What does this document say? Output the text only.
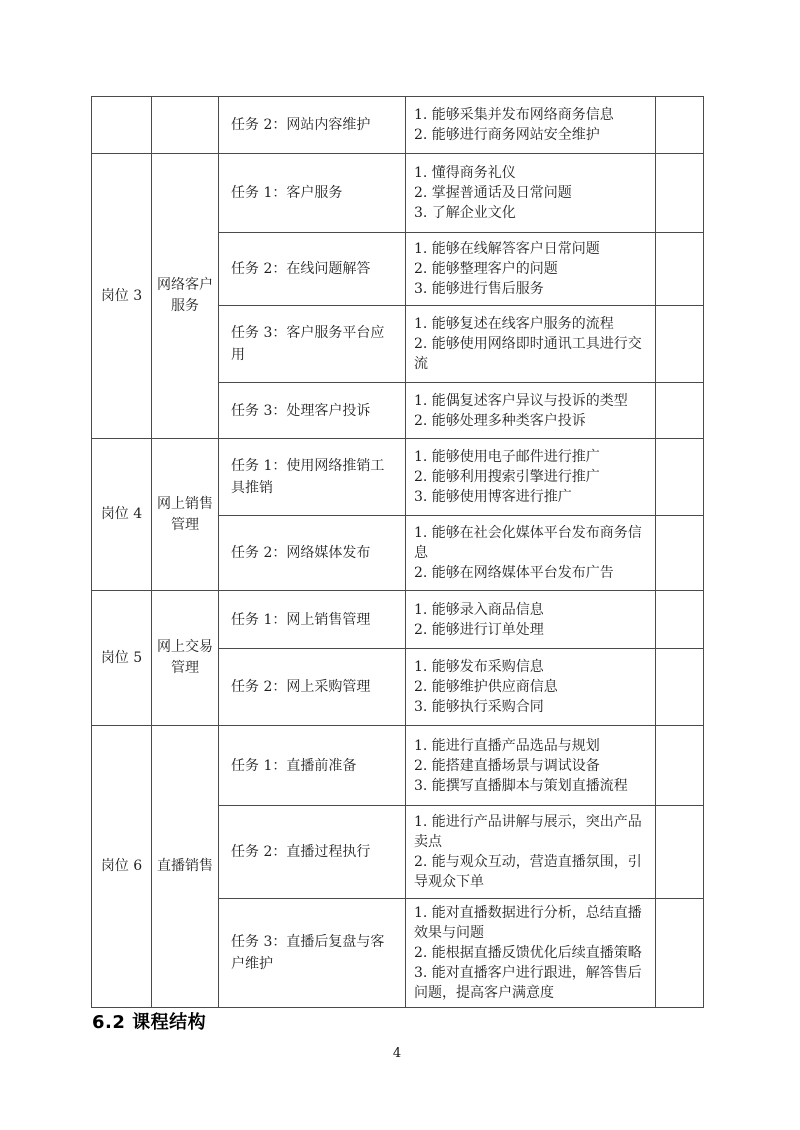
		任务 2：网站内容维护	1. 能够采集并发布网络商务信息
2. 能够进行商务网站安全维护	

岗位 3	网络客户服务	任务 1：客户服务	1. 懂得商务礼仪
2. 掌握普通话及日常问题
3. 了解企业文化	

		任务 2：在线问题解答	1. 能够在线解答客户日常问题
2. 能够整理客户的问题
3. 能够进行售后服务	

		任务 3：客户服务平台应用	1. 能够复述在线客户服务的流程
2. 能够使用网络即时通讯工具进行交流	

		任务 3：处理客户投诉	1. 能偶复述客户异议与投诉的类型
2. 能够处理多种类客户投诉	

岗位 4	网上销售管理	任务 1：使用网络推销工具推销	1. 能够使用电子邮件进行推广
2. 能够利用搜索引擎进行推广
3. 能够使用博客进行推广	

		任务 2：网络媒体发布	1. 能够在社会化媒体平台发布商务信息
2. 能够在网络媒体平台发布广告	

岗位 5	网上交易管理	任务 1：网上销售管理	1. 能够录入商品信息
2. 能够进行订单处理	

		任务 2：网上采购管理	1. 能够发布采购信息
2. 能够维护供应商信息
3. 能够执行采购合同	

岗位 6	直播销售	任务 1：直播前准备	1. 能进行直播产品选品与规划
2. 能搭建直播场景与调试设备
3. 能撰写直播脚本与策划直播流程	

		任务 2：直播过程执行	1. 能进行产品讲解与展示，突出产品卖点
2. 能与观众互动，营造直播氛围，引导观众下单	

		任务 3：直播后复盘与客户维护	1. 能对直播数据进行分析，总结直播效果与问题
2. 能根据直播反馈优化后续直播策略
3. 能对直播客户进行跟进，解答售后问题，提高客户满意度	

6.2 课程结构
4
